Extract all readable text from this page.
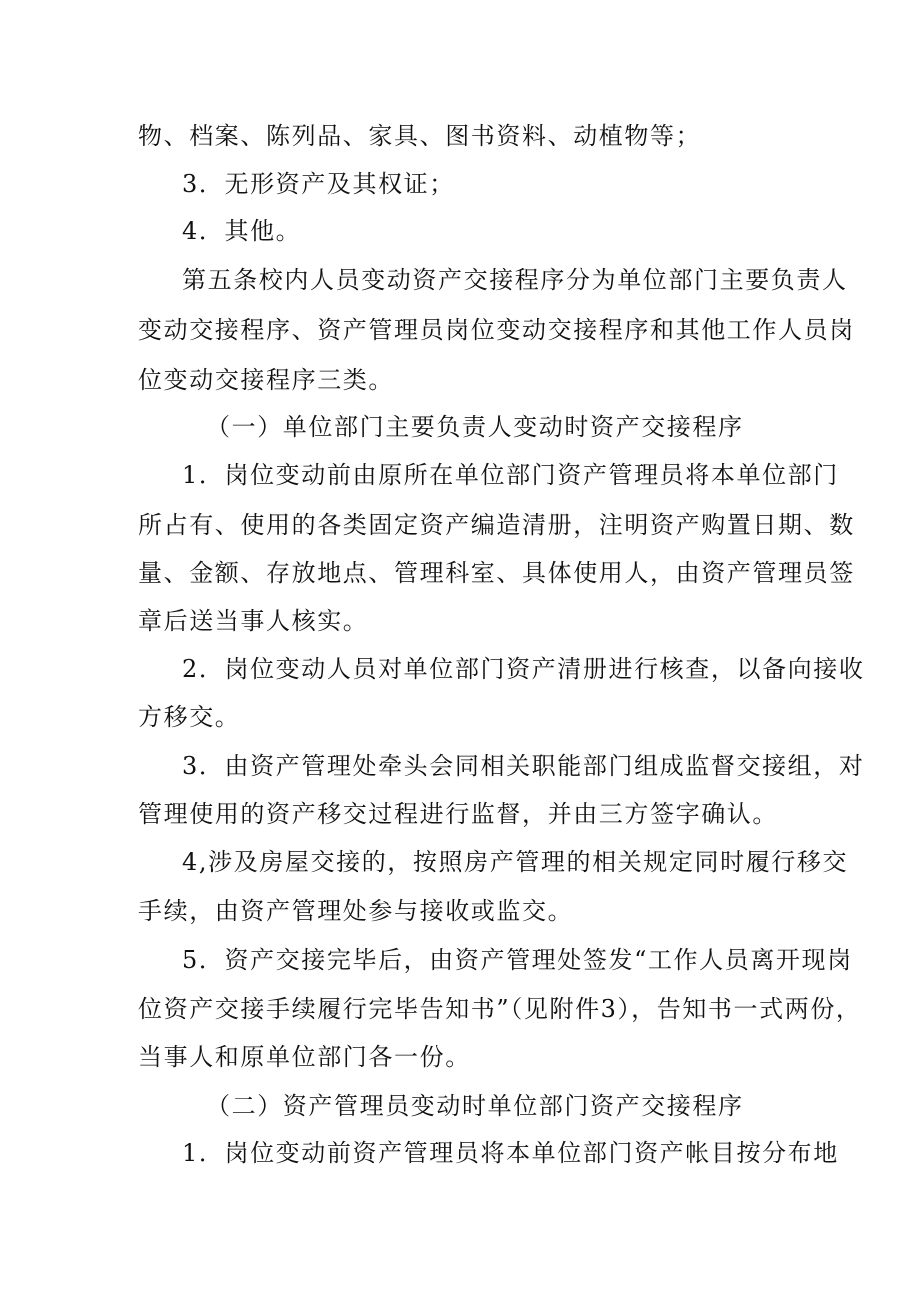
物、档案、陈列品、家具、图书资料、动植物等；
3．无形资产及其权证；
4．其他。
第五条校内人员变动资产交接程序分为单位部门主要负责人
变动交接程序、资产管理员岗位变动交接程序和其他工作人员岗
位变动交接程序三类。
（一）单位部门主要负责人变动时资产交接程序
1．岗位变动前由原所在单位部门资产管理员将本单位部门
所占有、使用的各类固定资产编造清册，注明资产购置日期、数
量、金额、存放地点、管理科室、具体使用人，由资产管理员签
章后送当事人核实。
2．岗位变动人员对单位部门资产清册进行核查，以备向接收
方移交。
3．由资产管理处牵头会同相关职能部门组成监督交接组，对
管理使用的资产移交过程进行监督，并由三方签字确认。
4,涉及房屋交接的，按照房产管理的相关规定同时履行移交
手续，由资产管理处参与接收或监交。
5．资产交接完毕后，由资产管理处签发“工作人员离开现岗
位资产交接手续履行完毕告知书”（见附件3），告知书一式两份，
当事人和原单位部门各一份。
（二）资产管理员变动时单位部门资产交接程序
1．岗位变动前资产管理员将本单位部门资产帐目按分布地
